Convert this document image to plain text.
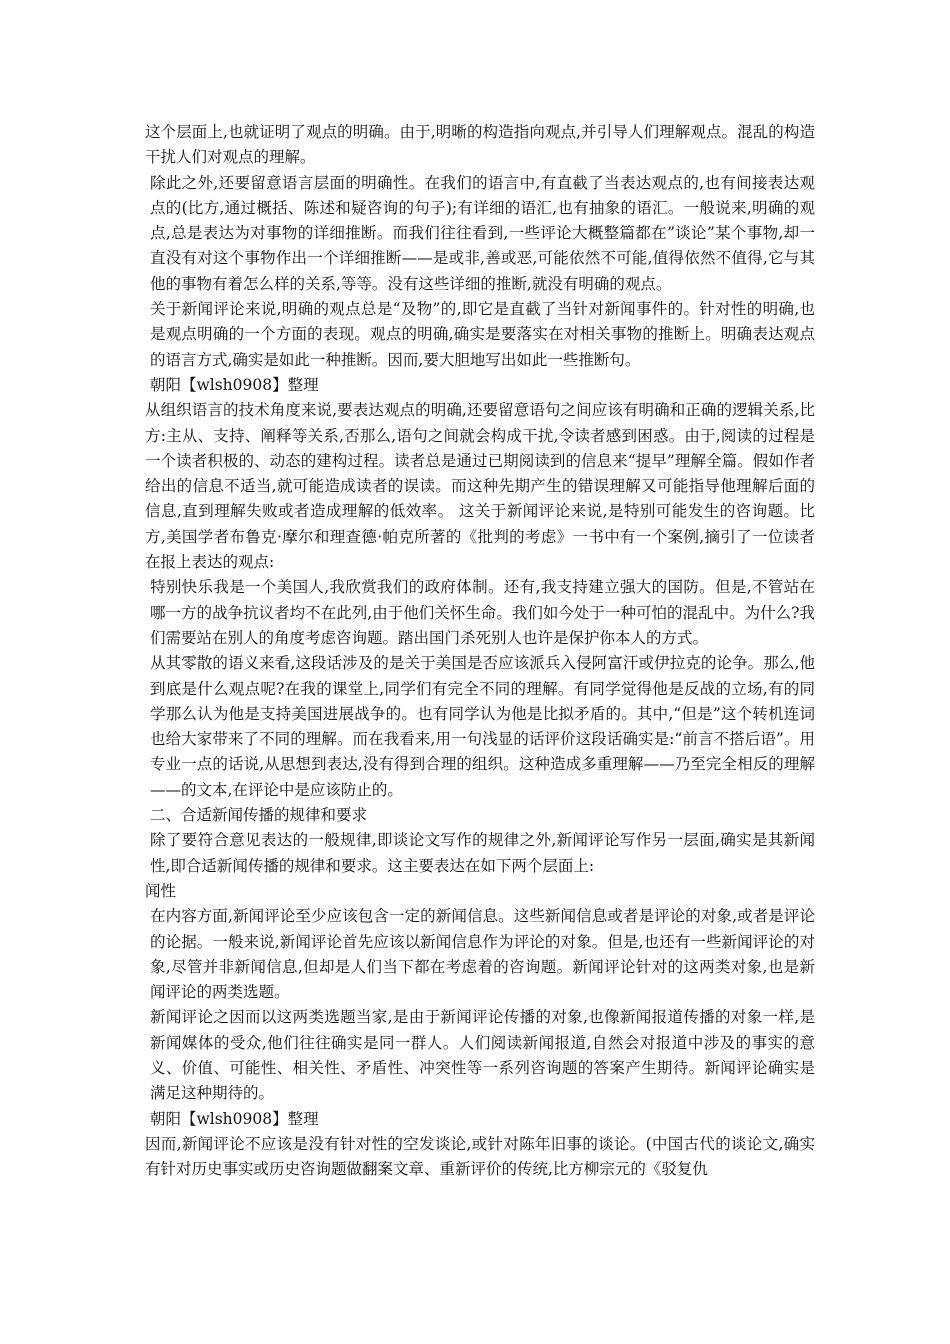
这个层面上,也就证明了观点的明确。由于,明晰的构造指向观点,并引导人们理解观点。混乱的构造干扰人们对观点的理解。

除此之外,还要留意语言层面的明确性。在我们的语言中,有直截了当表达观点的,也有间接表达观点的(比方,通过概括、陈述和疑咨询的句子);有详细的语汇,也有抽象的语汇。一般说来,明确的观点,总是表达为对事物的详细推断。而我们往往看到,一些评论大概整篇都在”谈论”某个事物,却一直没有对这个事物作出一个详细推断——是或非,善或恶,可能依然不可能,值得依然不值得,它与其他的事物有着怎么样的关系,等等。没有这些详细的推断,就没有明确的观点。

关于新闻评论来说,明确的观点总是“及物”的,即它是直截了当针对新闻事件的。针对性的明确,也是观点明确的一个方面的表现。观点的明确,确实是要落实在对相关事物的推断上。明确表达观点的语言方式,确实是如此一种推断。因而,要大胆地写出如此一些推断句。

朝阳【wlsh0908】整理

从组织语言的技术角度来说,要表达观点的明确,还要留意语句之间应该有明确和正确的逻辑关系,比方:主从、支持、阐释等关系,否那么,语句之间就会构成干扰,令读者感到困惑。由于,阅读的过程是一个读者积极的、动态的建构过程。读者总是通过已期阅读到的信息来“提早”理解全篇。假如作者给出的信息不适当,就可能造成读者的误读。而这种先期产生的错误理解又可能指导他理解后面的信息,直到理解失败或者造成理解的低效率。 这关于新闻评论来说,是特别可能发生的咨询题。比方,美国学者布鲁克·摩尔和理查德·帕克所著的《批判的考虑》一书中有一个案例,摘引了一位读者在报上表达的观点:

特别快乐我是一个美国人,我欣赏我们的政府体制。还有,我支持建立强大的国防。但是,不管站在哪一方的战争抗议者均不在此列,由于他们关怀生命。我们如今处于一种可怕的混乱中。为什么?我们需要站在别人的角度考虑咨询题。踏出国门杀死别人也许是保护你本人的方式。

从其零散的语义来看,这段话涉及的是关于美国是否应该派兵入侵阿富汗或伊拉克的论争。那么,他到底是什么观点呢?在我的课堂上,同学们有完全不同的理解。有同学觉得他是反战的立场,有的同学那么认为他是支持美国进展战争的。也有同学认为他是比拟矛盾的。其中,“但是”这个转机连词也给大家带来了不同的理解。而在我看来,用一句浅显的话评价这段话确实是:“前言不搭后语”。用专业一点的话说,从思想到表达,没有得到合理的组织。这种造成多重理解——乃至完全相反的理解——的文本,在评论中是应该防止的。

二、合适新闻传播的规律和要求

除了要符合意见表达的一般规律,即谈论文写作的规律之外,新闻评论写作另一层面,确实是其新闻性,即合适新闻传播的规律和要求。这主要表达在如下两个层面上:

闻性

在内容方面,新闻评论至少应该包含一定的新闻信息。这些新闻信息或者是评论的对象,或者是评论的论据。一般来说,新闻评论首先应该以新闻信息作为评论的对象。但是,也还有一些新闻评论的对象,尽管并非新闻信息,但却是人们当下都在考虑着的咨询题。新闻评论针对的这两类对象,也是新闻评论的两类选题。

新闻评论之因而以这两类选题当家,是由于新闻评论传播的对象,也像新闻报道传播的对象一样,是新闻媒体的受众,他们往往确实是同一群人。人们阅读新闻报道,自然会对报道中涉及的事实的意义、价值、可能性、相关性、矛盾性、冲突性等一系列咨询题的答案产生期待。新闻评论确实是满足这种期待的。

朝阳【wlsh0908】整理

因而,新闻评论不应该是没有针对性的空发谈论,或针对陈年旧事的谈论。(中国古代的谈论文,确实有针对历史事实或历史咨询题做翻案文章、重新评价的传统,比方柳宗元的《驳复仇
